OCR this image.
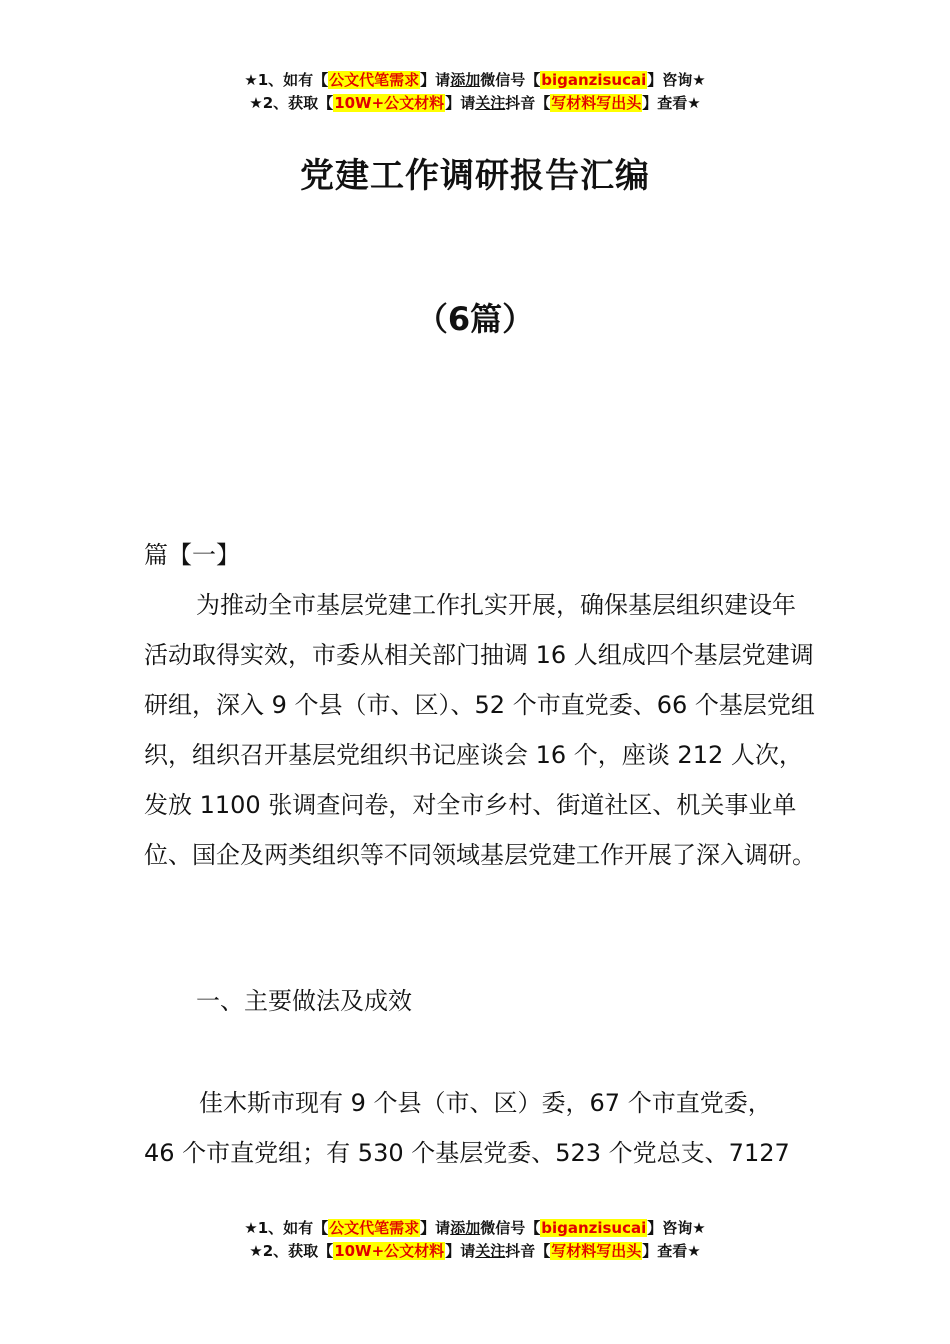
★1、如有【公文代笔需求】请添加微信号【biganzisucai】咨询★
★2、获取【10W+公文材料】请关注抖音【写材料写出头】查看★
党建工作调研报告汇编
（6篇）
篇【一】
为推动全市基层党建工作扎实开展，确保基层组织建设年活动取得实效，市委从相关部门抽调 16 人组成四个基层党建调研组，深入 9 个县（市、区）、52 个市直党委、66 个基层党组织，组织召开基层党组织书记座谈会 16 个，座谈 212 人次，发放 1100 张调查问卷，对全市乡村、街道社区、机关事业单位、国企及两类组织等不同领域基层党建工作开展了深入调研。
一、主要做法及成效
佳木斯市现有 9 个县（市、区）委，67 个市直党委，
46 个市直党组；有 530 个基层党委、523 个党总支、7127
★1、如有【公文代笔需求】请添加微信号【biganzisucai】咨询★
★2、获取【10W+公文材料】请关注抖音【写材料写出头】查看★
